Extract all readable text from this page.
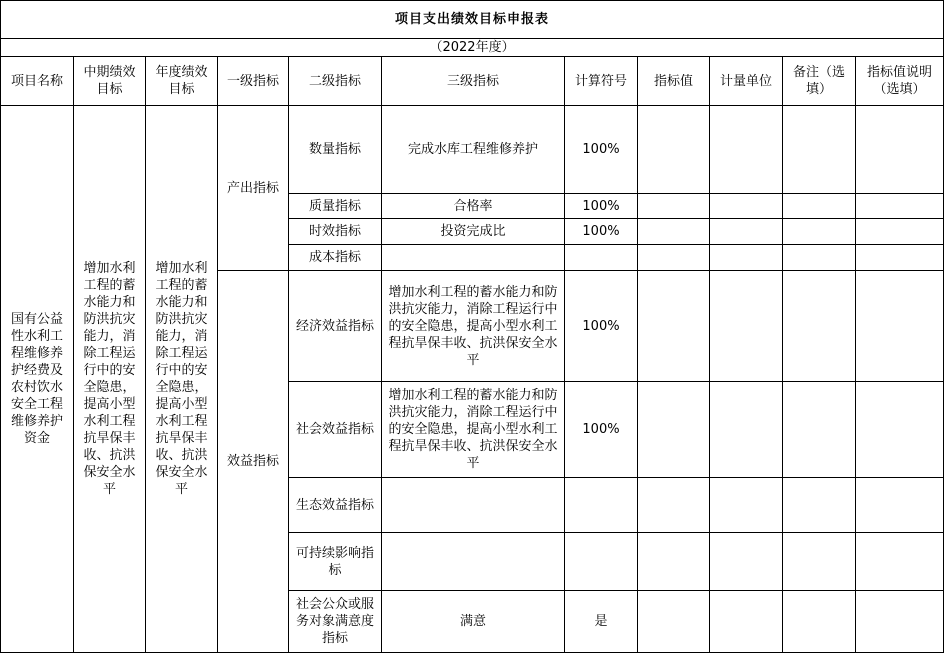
项目支出绩效目标申报表										
（2022年度）										
项目名称	中期绩效目标	年度绩效目标	一级指标	二级指标	三级指标	计算符号	指标值	计量单位	备注（选填）	指标值说明（选填）
国有公益性水利工程维修养护经费及农村饮水安全工程维修养护资金	增加水利工程的蓄水能力和防洪抗灾能力，消除工程运行中的安全隐患，提高小型水利工程抗旱保丰收、抗洪保安全水平	增加水利工程的蓄水能力和防洪抗灾能力，消除工程运行中的安全隐患，提高小型水利工程抗旱保丰收、抗洪保安全水平	产出指标	数量指标	完成水库工程维修养护	100%				
				质量指标	合格率	100%				
				时效指标	投资完成比	100%				
				成本指标						
			效益指标	经济效益指标	增加水利工程的蓄水能力和防洪抗灾能力，消除工程运行中的安全隐患，提高小型水利工程抗旱保丰收、抗洪保安全水平	100%				
				社会效益指标	增加水利工程的蓄水能力和防洪抗灾能力，消除工程运行中的安全隐患，提高小型水利工程抗旱保丰收、抗洪保安全水平	100%				
				生态效益指标						
				可持续影响指标						
				社会公众或服务对象满意度指标	满意	是				
